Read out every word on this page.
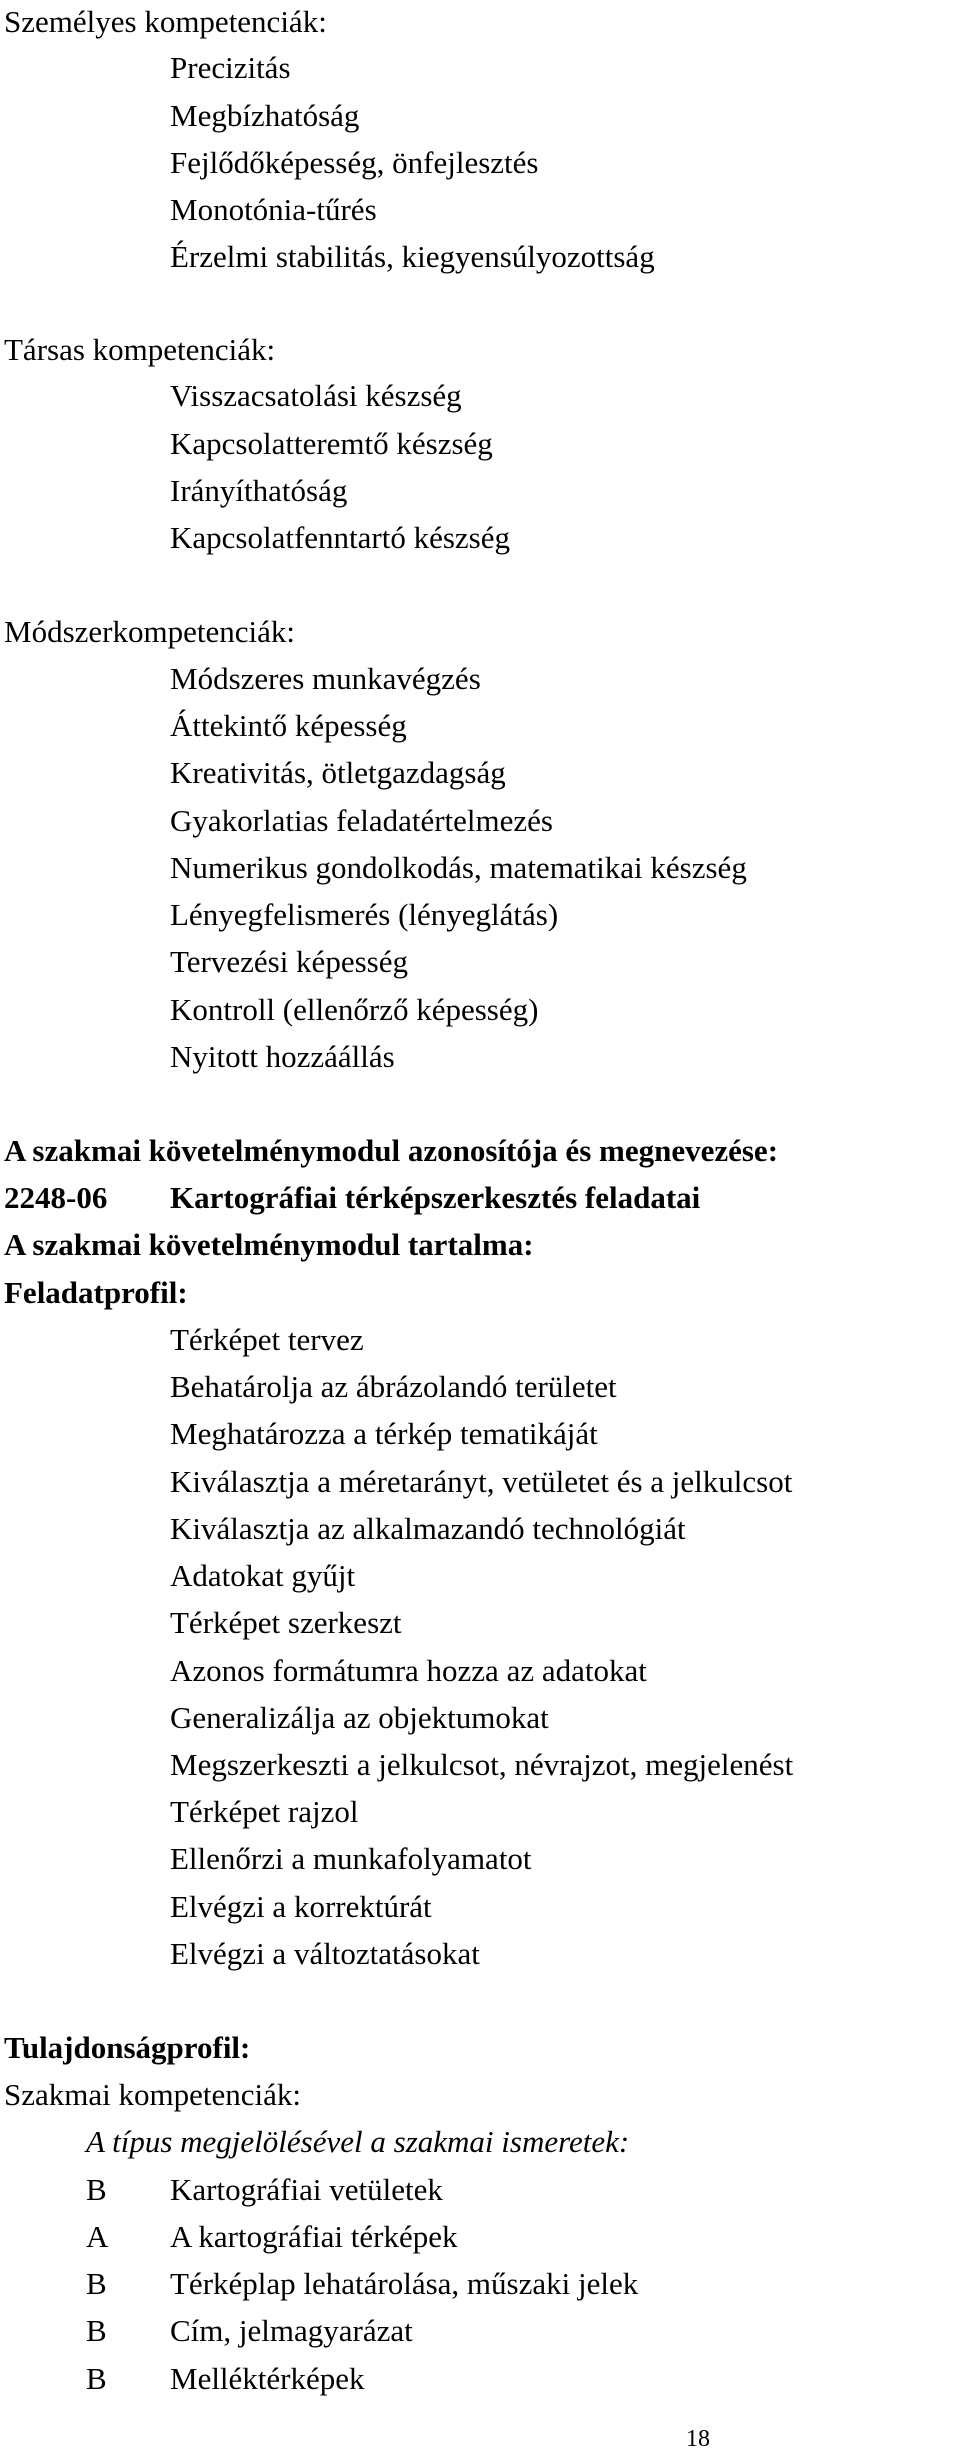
Személyes kompetenciák:
Precizitás
Megbízhatóság
Fejlődőképesség, önfejlesztés
Monotónia-tűrés
Érzelmi stabilitás, kiegyensúlyozottság
Társas kompetenciák:
Visszacsatolási készség
Kapcsolatteremtő készség
Irányíthatóság
Kapcsolatfenntartó készség
Módszerkompetenciák:
Módszeres munkavégzés
Áttekintő képesség
Kreativitás, ötletgazdagság
Gyakorlatias feladatértelmezés
Numerikus gondolkodás, matematikai készség
Lényegfelismerés (lényeglátás)
Tervezési képesség
Kontroll (ellenőrző képesség)
Nyitott hozzáállás
A szakmai követelménymodul azonosítója és megnevezése:
2248-06 Kartográfiai térképszerkesztés feladatai
A szakmai követelménymodul tartalma:
Feladatprofil:
Térképet tervez
Behatárolja az ábrázolandó területet
Meghatározza a térkép tematikáját
Kiválasztja a méretarányt, vetületet és a jelkulcsot
Kiválasztja az alkalmazandó technológiát
Adatokat gyűjt
Térképet szerkeszt
Azonos formátumra hozza az adatokat
Generalizálja az objektumokat
Megszerkeszti a jelkulcsot, névrajzot, megjelenést
Térképet rajzol
Ellenőrzi a munkafolyamatot
Elvégzi a korrektúrát
Elvégzi a változtatásokat
Tulajdonságprofil:
Szakmai kompetenciák:
A típus megjelölésével a szakmai ismeretek:
B Kartográfiai vetületek
A A kartográfiai térképek
B Térképlap lehatárolása, műszaki jelek
B Cím, jelmagyarázat
B Melléktérképek
18
